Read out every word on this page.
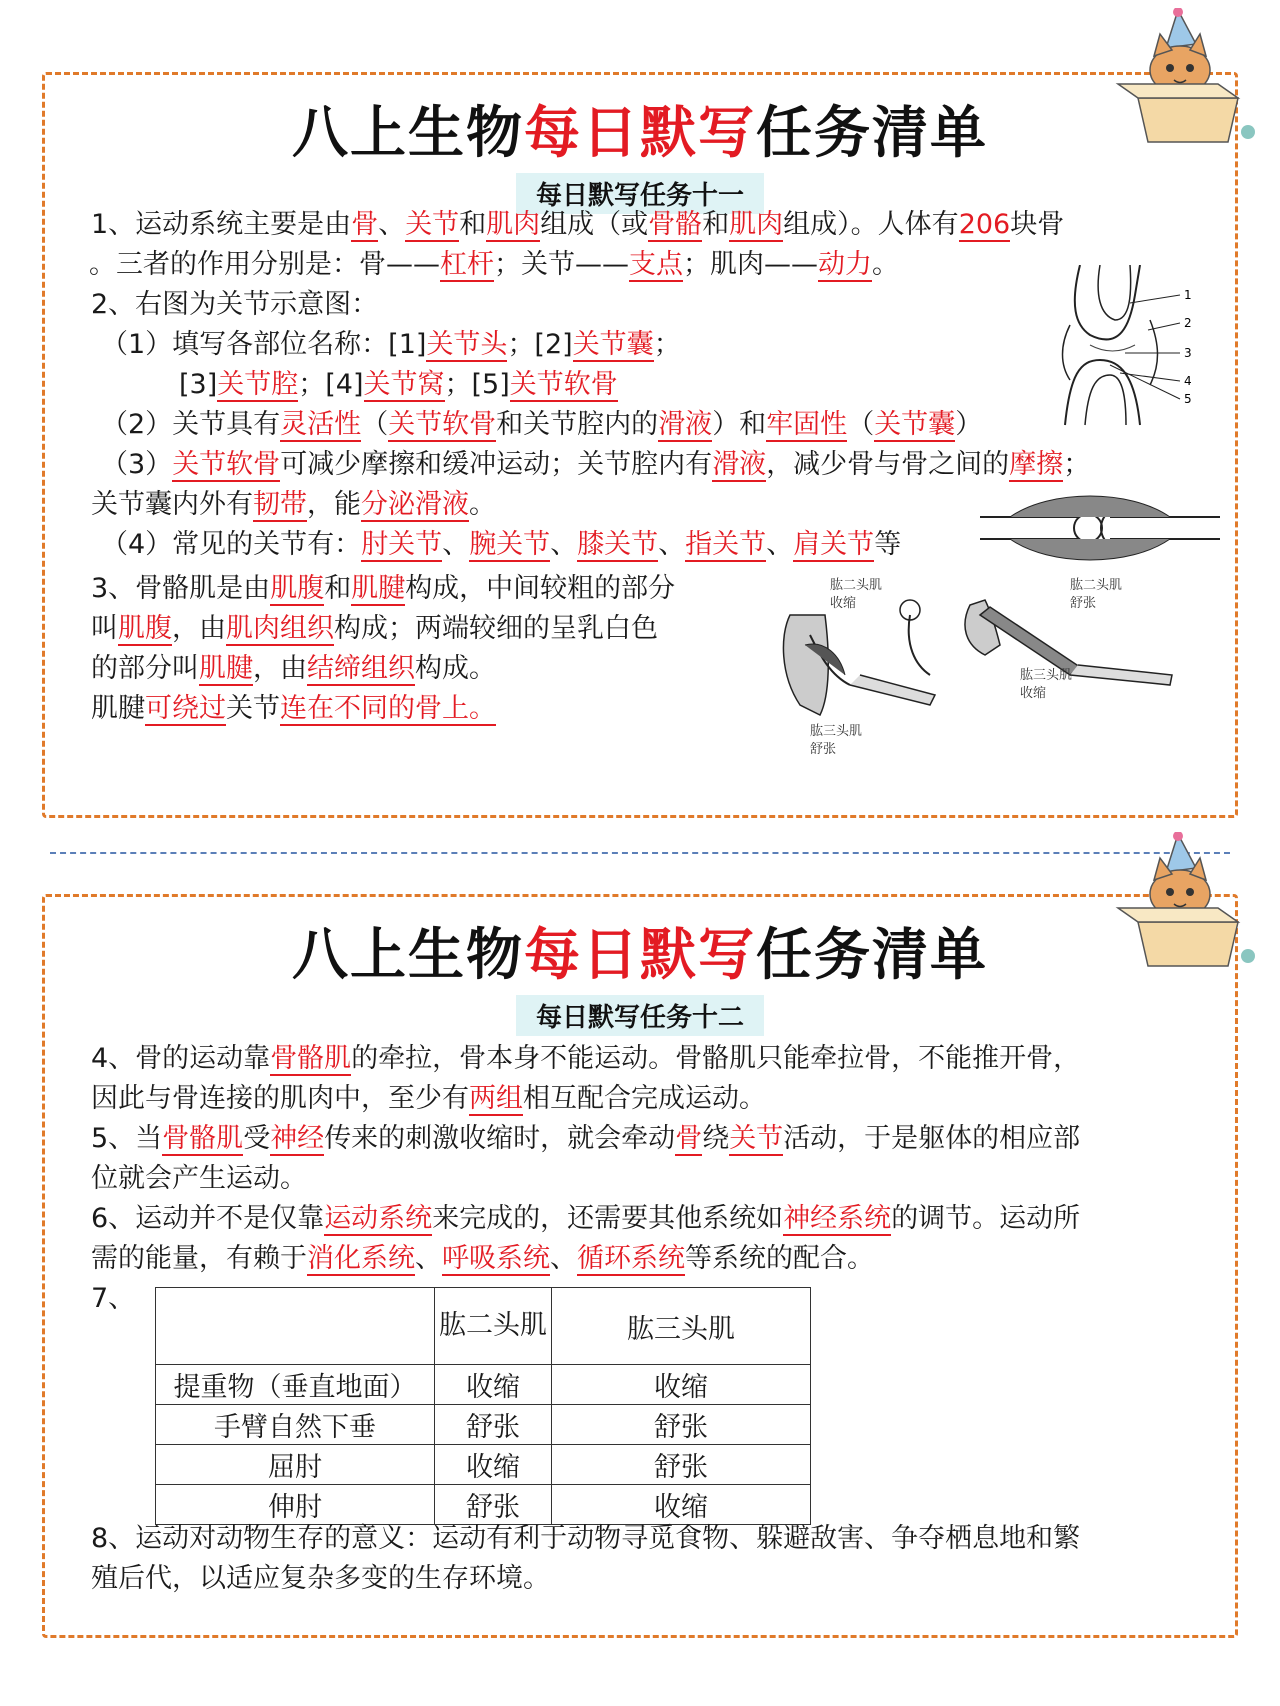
八上生物每日默写任务清单
每日默写任务十一
1、运动系统主要是由骨、关节和肌肉组成（或骨骼和肌肉组成）。人体有206块骨
。三者的作用分别是：骨——杠杆；关节——支点；肌肉——动力。
2、右图为关节示意图：
（1）填写各部位名称：[1]关节头；[2]关节囊；
[3]关节腔；[4]关节窝；[5]关节软骨
（2）关节具有灵活性（关节软骨和关节腔内的滑液）和牢固性（关节囊）
（3）关节软骨可减少摩擦和缓冲运动；关节腔内有滑液，减少骨与骨之间的摩擦；
关节囊内外有韧带，能分泌滑液。
（4）常见的关节有：肘关节、腕关节、膝关节、指关节、肩关节等
3、骨骼肌是由肌腹和肌腱构成，中间较粗的部分
叫肌腹，由肌肉组织构成；两端较细的呈乳白色
的部分叫肌腱，由结缔组织构成。
肌腱可绕过关节连在不同的骨上。
1
2
3
4
5
肱二头肌
收缩
肱三头肌
舒张
肱二头肌
舒张
肱三头肌
收缩
八上生物每日默写任务清单
每日默写任务十二
4、骨的运动靠骨骼肌的牵拉，骨本身不能运动。骨骼肌只能牵拉骨，不能推开骨，
因此与骨连接的肌肉中，至少有两组相互配合完成运动。
5、当骨骼肌受神经传来的刺激收缩时，就会牵动骨绕关节活动，于是躯体的相应部
位就会产生运动。
6、运动并不是仅靠运动系统来完成的，还需要其他系统如神经系统的调节。运动所
需的能量，有赖于消化系统、呼吸系统、循环系统等系统的配合。
7、
	肱二头肌	肱三头肌
提重物（垂直地面）	收缩	收缩
手臂自然下垂	舒张	舒张
屈肘	收缩	舒张
伸肘	舒张	收缩
8、运动对动物生存的意义：运动有利于动物寻觅食物、躲避敌害、争夺栖息地和繁
殖后代，以适应复杂多变的生存环境。
